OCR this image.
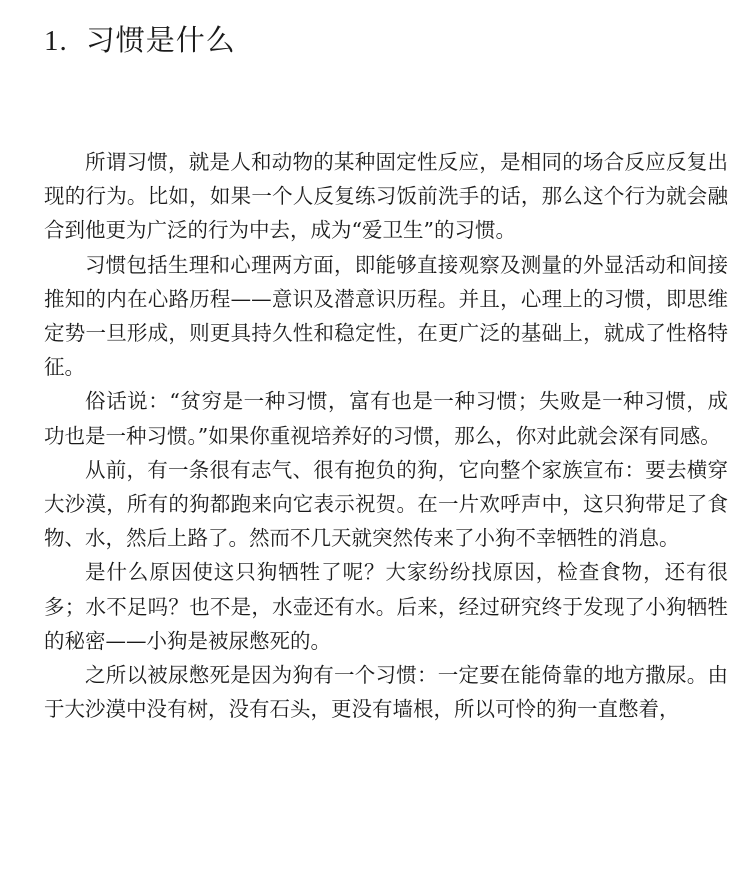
1. 习惯是什么

所谓习惯，就是人和动物的某种固定性反应，是相同的场合反应反复出现的行为。比如，如果一个人反复练习饭前洗手的话，那么这个行为就会融合到他更为广泛的行为中去，成为“爱卫生”的习惯。

习惯包括生理和心理两方面，即能够直接观察及测量的外显活动和间接推知的内在心路历程——意识及潜意识历程。并且，心理上的习惯，即思维定势一旦形成，则更具持久性和稳定性，在更广泛的基础上，就成了性格特征。

俗话说：“贫穷是一种习惯，富有也是一种习惯；失败是一种习惯，成功也是一种习惯。”如果你重视培养好的习惯，那么，你对此就会深有同感。

从前，有一条很有志气、很有抱负的狗，它向整个家族宣布：要去横穿大沙漠，所有的狗都跑来向它表示祝贺。在一片欢呼声中，这只狗带足了食物、水，然后上路了。然而不几天就突然传来了小狗不幸牺牲的消息。

是什么原因使这只狗牺牲了呢？大家纷纷找原因，检查食物，还有很多；水不足吗？也不是，水壶还有水。后来，经过研究终于发现了小狗牺牲的秘密——小狗是被尿憋死的。

之所以被尿憋死是因为狗有一个习惯：一定要在能倚靠的地方撒尿。由于大沙漠中没有树，没有石头，更没有墙根，所以可怜的狗一直憋着，
